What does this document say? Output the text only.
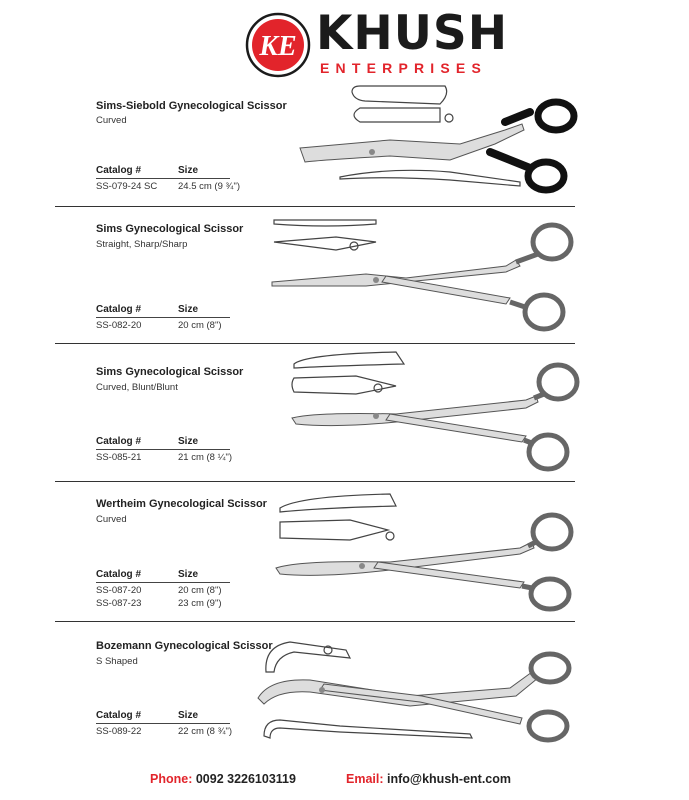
KE KHUSH
ENTERPRISES
Sims-Siebold Gynecological Scissor
Curved
Catalog #	Size
SS-079-24 SC 24.5 cm (9 ¾")
Sims Gynecological Scissor
Straight, Sharp/Sharp
Catalog #	Size
SS-082-20	20 cm (8")
Sims Gynecological Scissor
Curved, Blunt/Blunt
Catalog #	Size
SS-085-21	21 cm (8 ¼")
Wertheim Gynecological Scissor
Curved
Catalog #	Size
SS-087-20	20 cm (8")
SS-087-23	23 cm (9")
Bozemann Gynecological Scissor
S Shaped
Catalog #	Size
SS-089-22	22 cm (8 ¾")
Phone: 0092 3226103119	Email: info@khush-ent.com
